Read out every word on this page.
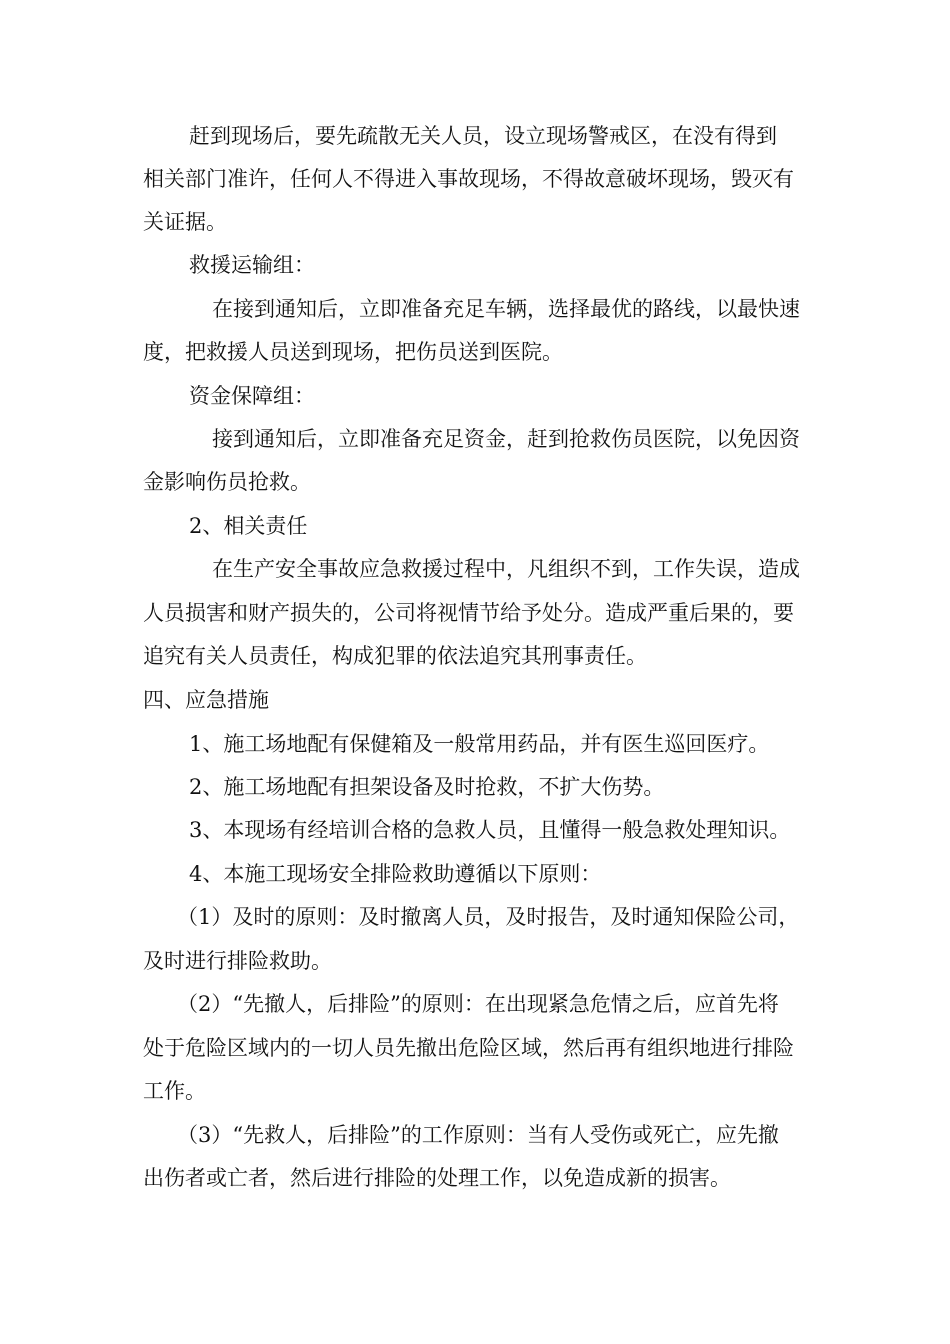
赶到现场后，要先疏散无关人员，设立现场警戒区，在没有得到
相关部门准许，任何人不得进入事故现场，不得故意破坏现场，毁灭有
关证据。
救援运输组：
在接到通知后，立即准备充足车辆，选择最优的路线，以最快速
度，把救援人员送到现场，把伤员送到医院。
资金保障组：
接到通知后，立即准备充足资金，赶到抢救伤员医院，以免因资
金影响伤员抢救。
2、相关责任
在生产安全事故应急救援过程中，凡组织不到，工作失误，造成
人员损害和财产损失的，公司将视情节给予处分。造成严重后果的，要
追究有关人员责任，构成犯罪的依法追究其刑事责任。
四、应急措施
1、施工场地配有保健箱及一般常用药品，并有医生巡回医疗。
2、施工场地配有担架设备及时抢救，不扩大伤势。
3、本现场有经培训合格的急救人员，且懂得一般急救处理知识。
4、本施工现场安全排险救助遵循以下原则：
（1）及时的原则：及时撤离人员，及时报告，及时通知保险公司，
及时进行排险救助。
（2）“先撤人，后排险”的原则：在出现紧急危情之后，应首先将
处于危险区域内的一切人员先撤出危险区域，然后再有组织地进行排险
工作。
（3）“先救人，后排险”的工作原则：当有人受伤或死亡，应先撤
出伤者或亡者，然后进行排险的处理工作，以免造成新的损害。
